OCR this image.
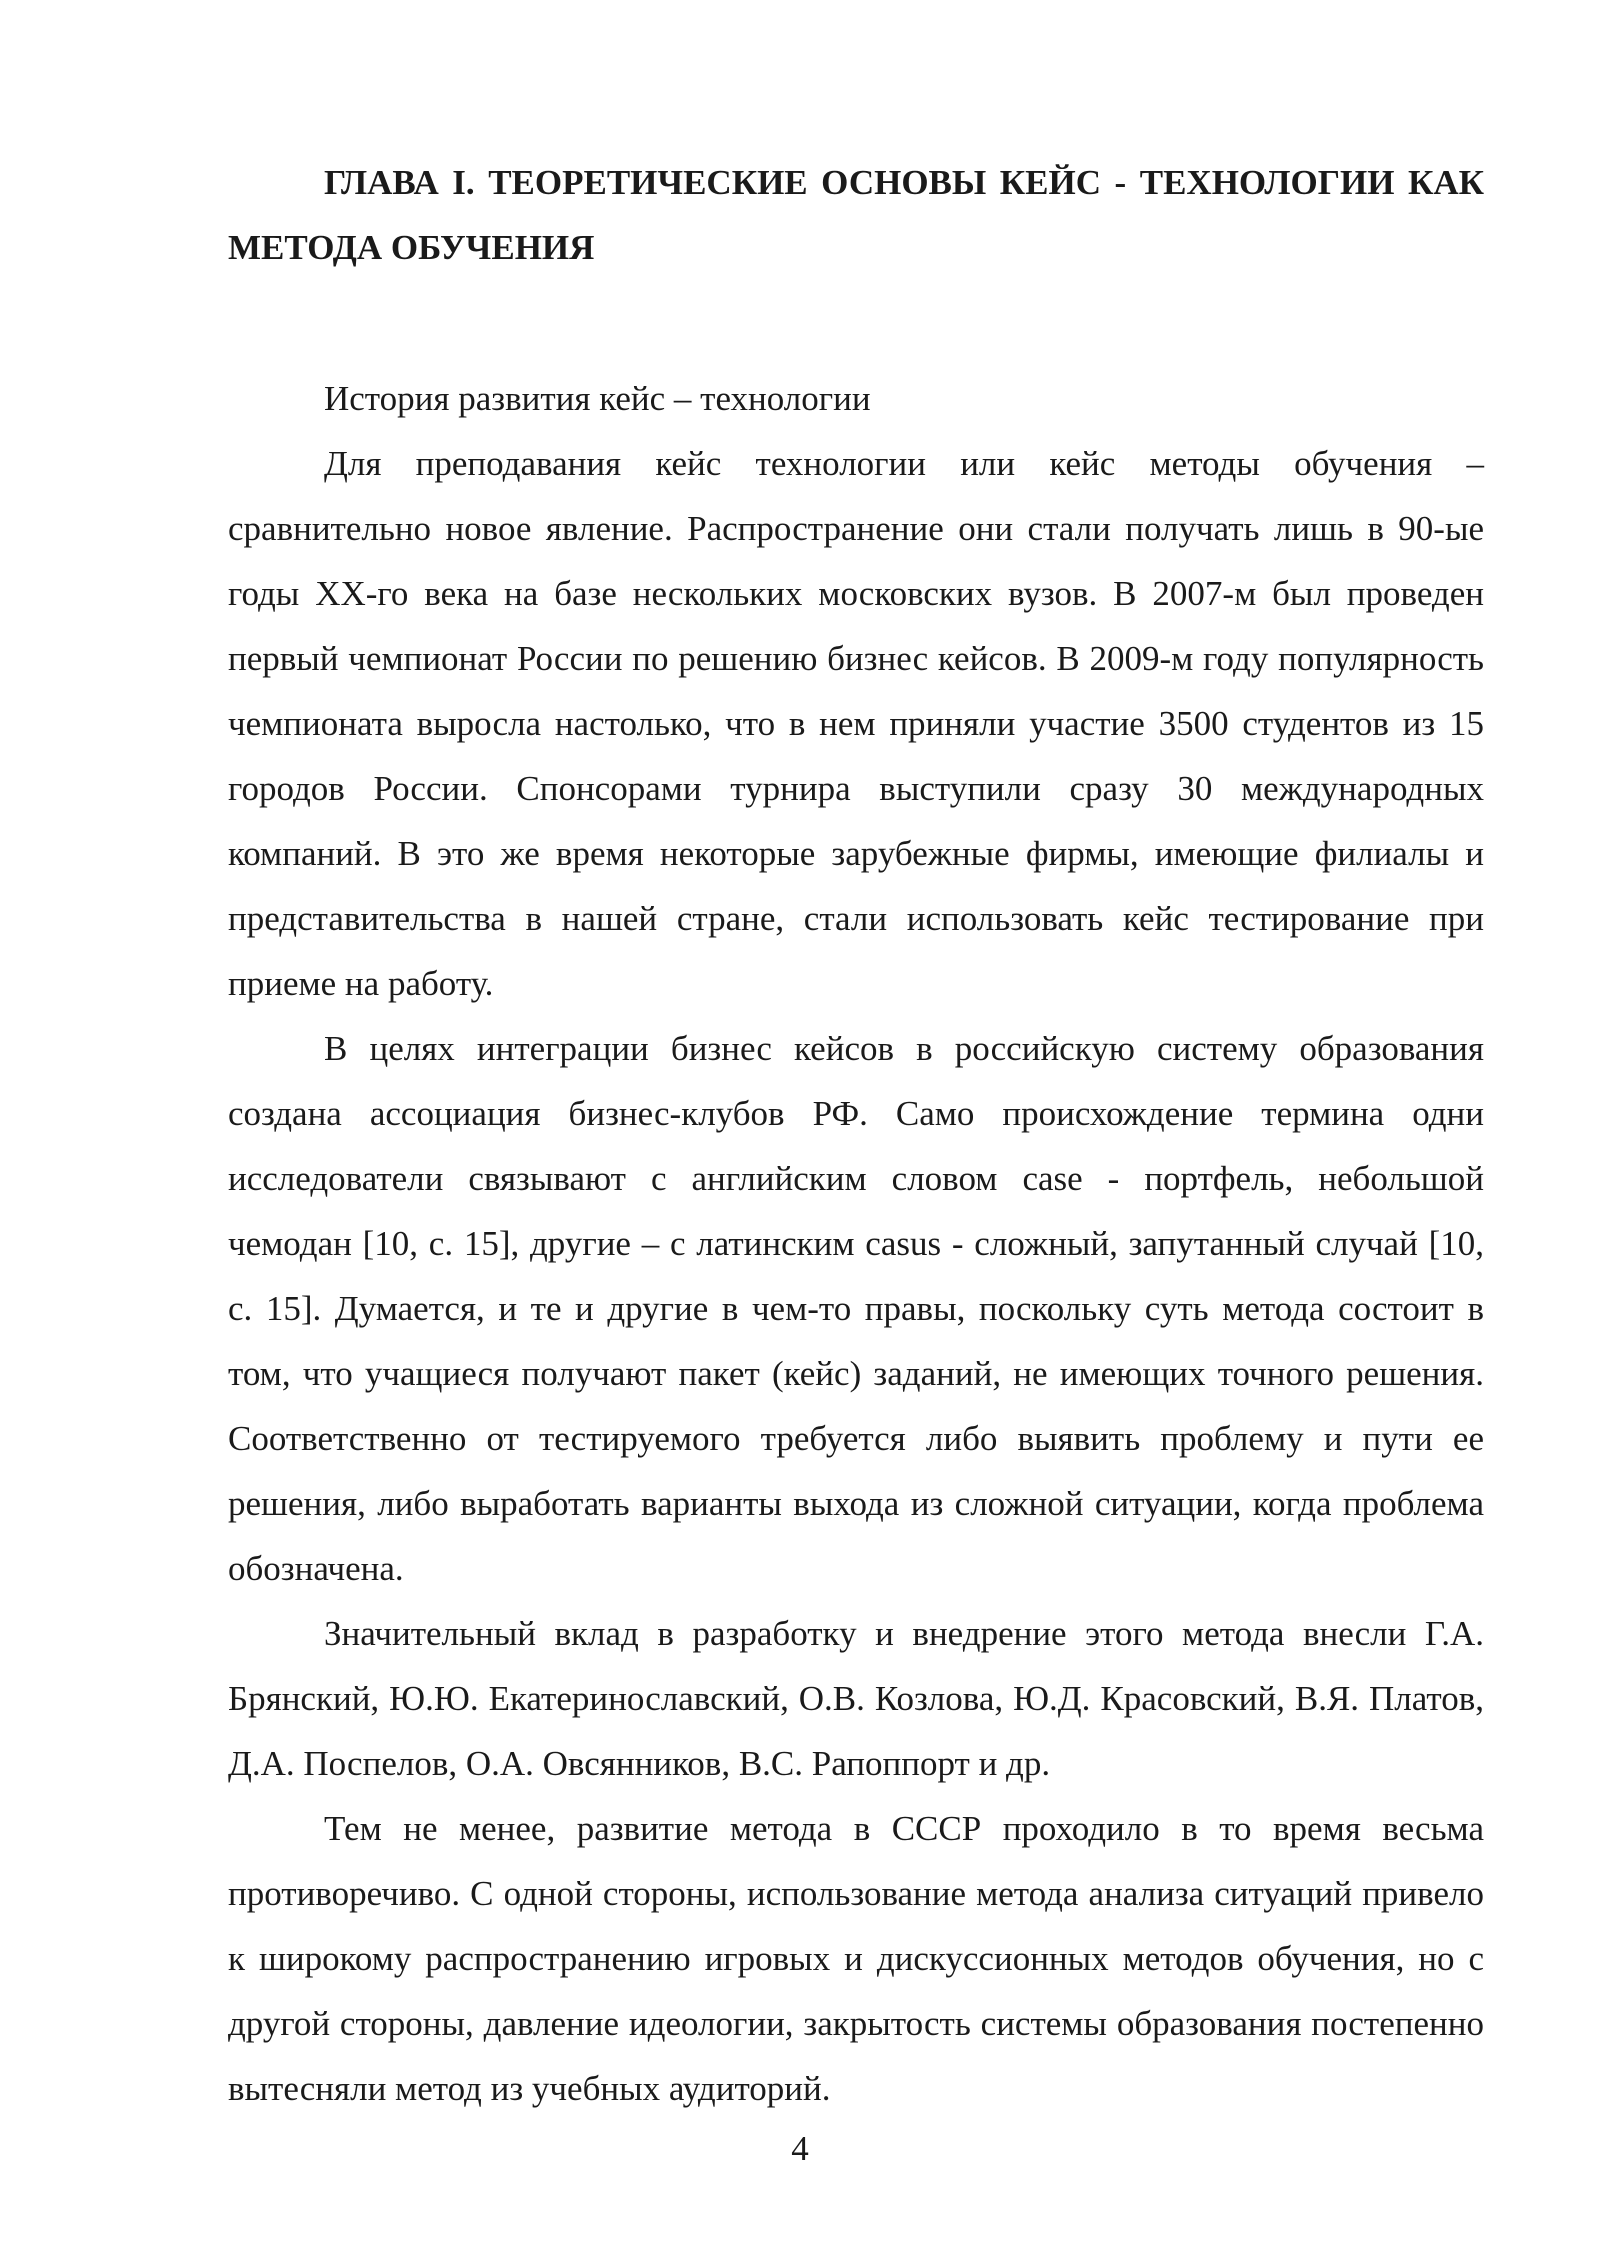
ГЛАВА I. ТЕОРЕТИЧЕСКИЕ ОСНОВЫ КЕЙС - ТЕХНОЛОГИИ КАК МЕТОДА ОБУЧЕНИЯ

История развития кейс – технологии

Для преподавания кейс технологии или кейс методы обучения – сравнительно новое явление. Распространение они стали получать лишь в 90-ые годы XX-го века на базе нескольких московских вузов. В 2007-м был проведен первый чемпионат России по решению бизнес кейсов. В 2009-м году популярность чемпионата выросла настолько, что в нем приняли участие 3500 студентов из 15 городов России. Спонсорами турнира выступили сразу 30 международных компаний. В это же время некоторые зарубежные фирмы, имеющие филиалы и представительства в нашей стране, стали использовать кейс тестирование при приеме на работу.

В целях интеграции бизнес кейсов в российскую систему образования создана ассоциация бизнес-клубов РФ. Само происхождение термина одни исследователи связывают с английским словом case - портфель, небольшой чемодан [10, с. 15], другие – с латинским casus - сложный, запутанный случай [10, с. 15]. Думается, и те и другие в чем-то правы, поскольку суть метода состоит в том, что учащиеся получают пакет (кейс) заданий, не имеющих точного решения. Соответственно от тестируемого требуется либо выявить проблему и пути ее решения, либо выработать варианты выхода из сложной ситуации, когда проблема обозначена.

Значительный вклад в разработку и внедрение этого метода внесли Г.А. Брянский, Ю.Ю. Екатеринославский, О.В. Козлова, Ю.Д. Красовский, В.Я. Платов, Д.А. Поспелов, О.А. Овсянников, В.С. Рапоппорт и др.

Тем не менее, развитие метода в СССР проходило в то время весьма противоречиво. С одной стороны, использование метода анализа ситуаций привело к широкому распространению игровых и дискуссионных методов обучения, но с другой стороны, давление идеологии, закрытость системы образования постепенно вытесняли метод из учебных аудиторий.

4
